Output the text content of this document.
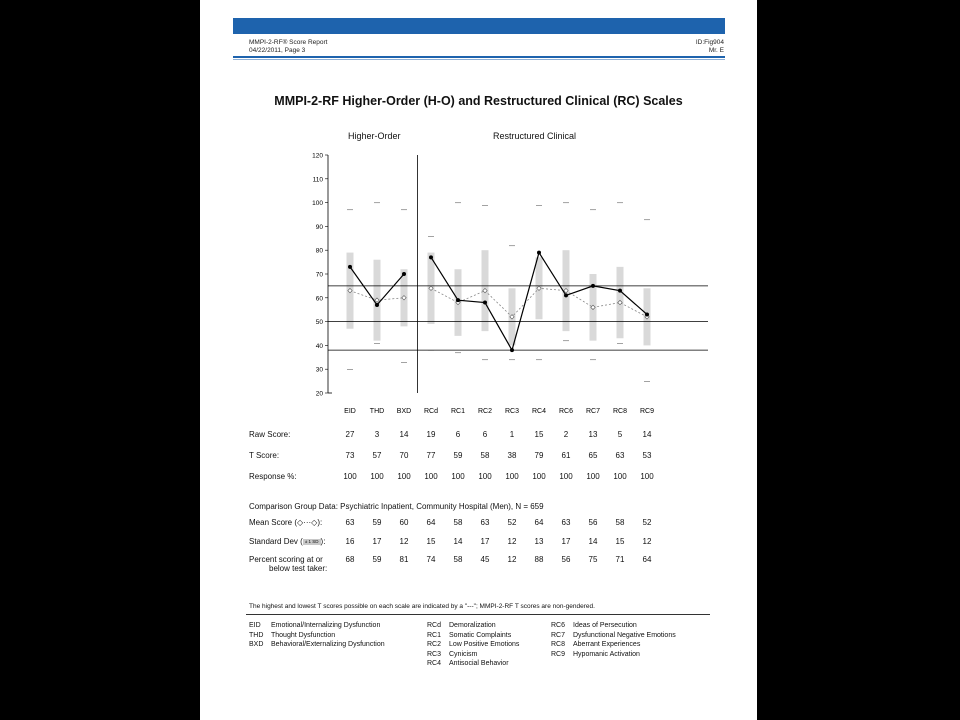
MMPI-2-RF® Score Report
04/22/2011, Page 3
ID:Fig904
Mr. E
MMPI-2-RF Higher-Order (H-O) and Restructured Clinical (RC) Scales
Higher-Order	Restructured Clinical
20
30
40
50
60
70
80
90
100
110
120
---
---
---
---
---	---
---
---	---
---
---
---
---
---
---
---	---
---	---	---
---
---
---
---
EID THD BXD RCd RC1 RC2 RC3 RC4 RC6 RC7 RC8 RC9
Comparison Group Data: Psychiatric Inpatient, Community Hospital (Men), N = 659
The highest and lowest T scores possible on each scale are indicated by a "---"; MMPI-2-RF T scores are non-gendered.
EID Emotional/Internalizing Dysfunction
THD Thought Dysfunction
BXD Behavioral/Externalizing Dysfunction
RCd Demoralization
RC1 Somatic Complaints
RC2 Low Positive Emotions
RC3 Cynicism
RC4 Antisocial Behavior
RC6 Ideas of Persecution
RC7 Dysfunctional Negative Emotions
RC8 Aberrant Experiences
RC9 Hypomanic Activation
Raw Score:	27	3	14	19	6	6	1	15	2	13	5	14
T Score:	73	57	70	77	59	58	38	79	61	65	63	53
Response %:	100	100	100	100	100	100	100	100	100	100	100	100
Mean Score (◇···◇):	63	59	60	64	58	63	52	64	63	56	58	52
Standard Dev ( ± 1 SD ):	16	17	12	15	14	17	12	13	17	14	15	12
Percent scoring at or
below test taker:
68	59	81	74	58	45	12	88	56	75	71	64
